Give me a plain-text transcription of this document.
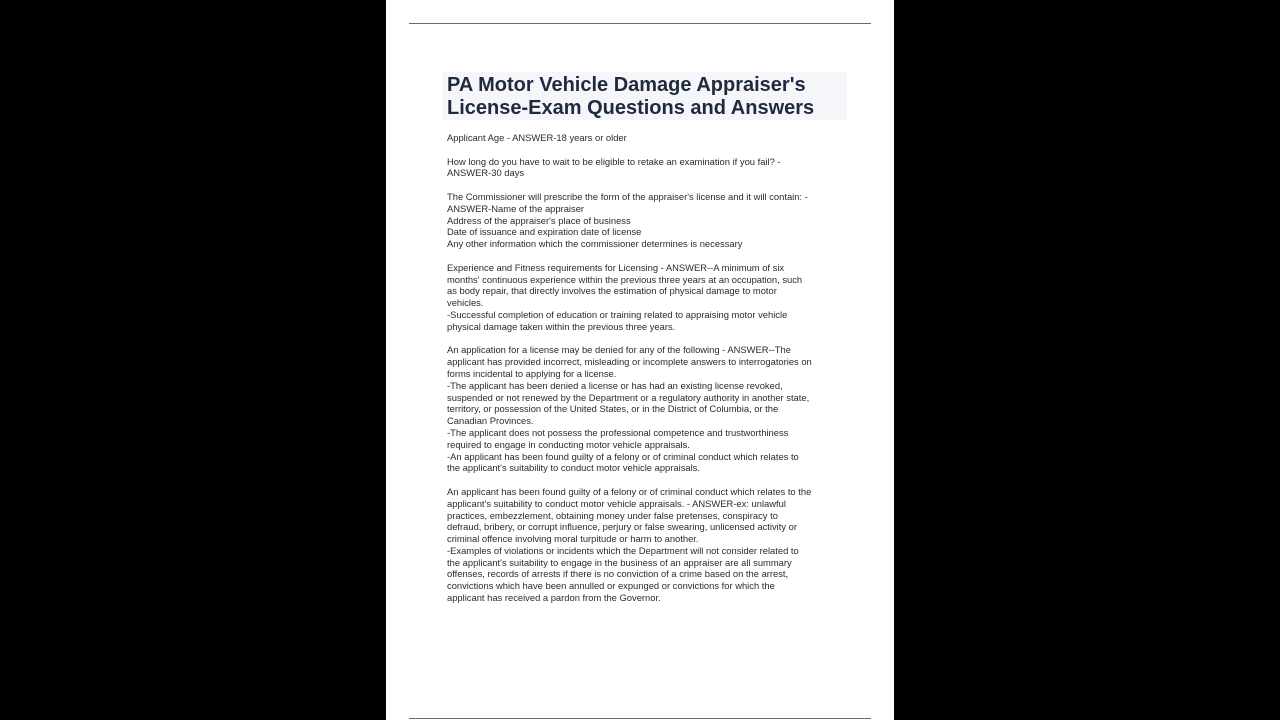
PA Motor Vehicle Damage Appraiser's
License-Exam Questions and Answers

Applicant Age - ANSWER-18 years or older

How long do you have to wait to be eligible to retake an examination if you fail? -
ANSWER-30 days

The Commissioner will prescribe the form of the appraiser's license and it will contain: -
ANSWER-Name of the appraiser
Address of the appraiser's place of business
Date of issuance and expiration date of license
Any other information which the commissioner determines is necessary

Experience and Fitness requirements for Licensing - ANSWER--A minimum of six
months' continuous experience within the previous three years at an occupation, such
as body repair, that directly involves the estimation of physical damage to motor
vehicles.
-Successful completion of education or training related to appraising motor vehicle
physical damage taken within the previous three years.

An application for a license may be denied for any of the following - ANSWER--The
applicant has provided incorrect, misleading or incomplete answers to interrogatories on
forms incidental to applying for a license.
-The applicant has been denied a license or has had an existing license revoked,
suspended or not renewed by the Department or a regulatory authority in another state,
territory, or possession of the United States, or in the District of Columbia, or the
Canadian Provinces.
-The applicant does not possess the professional competence and trustworthiness
required to engage in conducting motor vehicle appraisals.
-An applicant has been found guilty of a felony or of criminal conduct which relates to
the applicant's suitability to conduct motor vehicle appraisals.

An applicant has been found guilty of a felony or of criminal conduct which relates to the
applicant's suitability to conduct motor vehicle appraisals. - ANSWER-ex: unlawful
practices, embezzlement, obtaining money under false pretenses, conspiracy to
defraud, bribery, or corrupt influence, perjury or false swearing, unlicensed activity or
criminal offence involving moral turpitude or harm to another.
-Examples of violations or incidents which the Department will not consider related to
the applicant's suitability to engage in the business of an appraiser are all summary
offenses, records of arrests if there is no conviction of a crime based on the arrest,
convictions which have been annulled or expunged or convictions for which the
applicant has received a pardon from the Governor.
